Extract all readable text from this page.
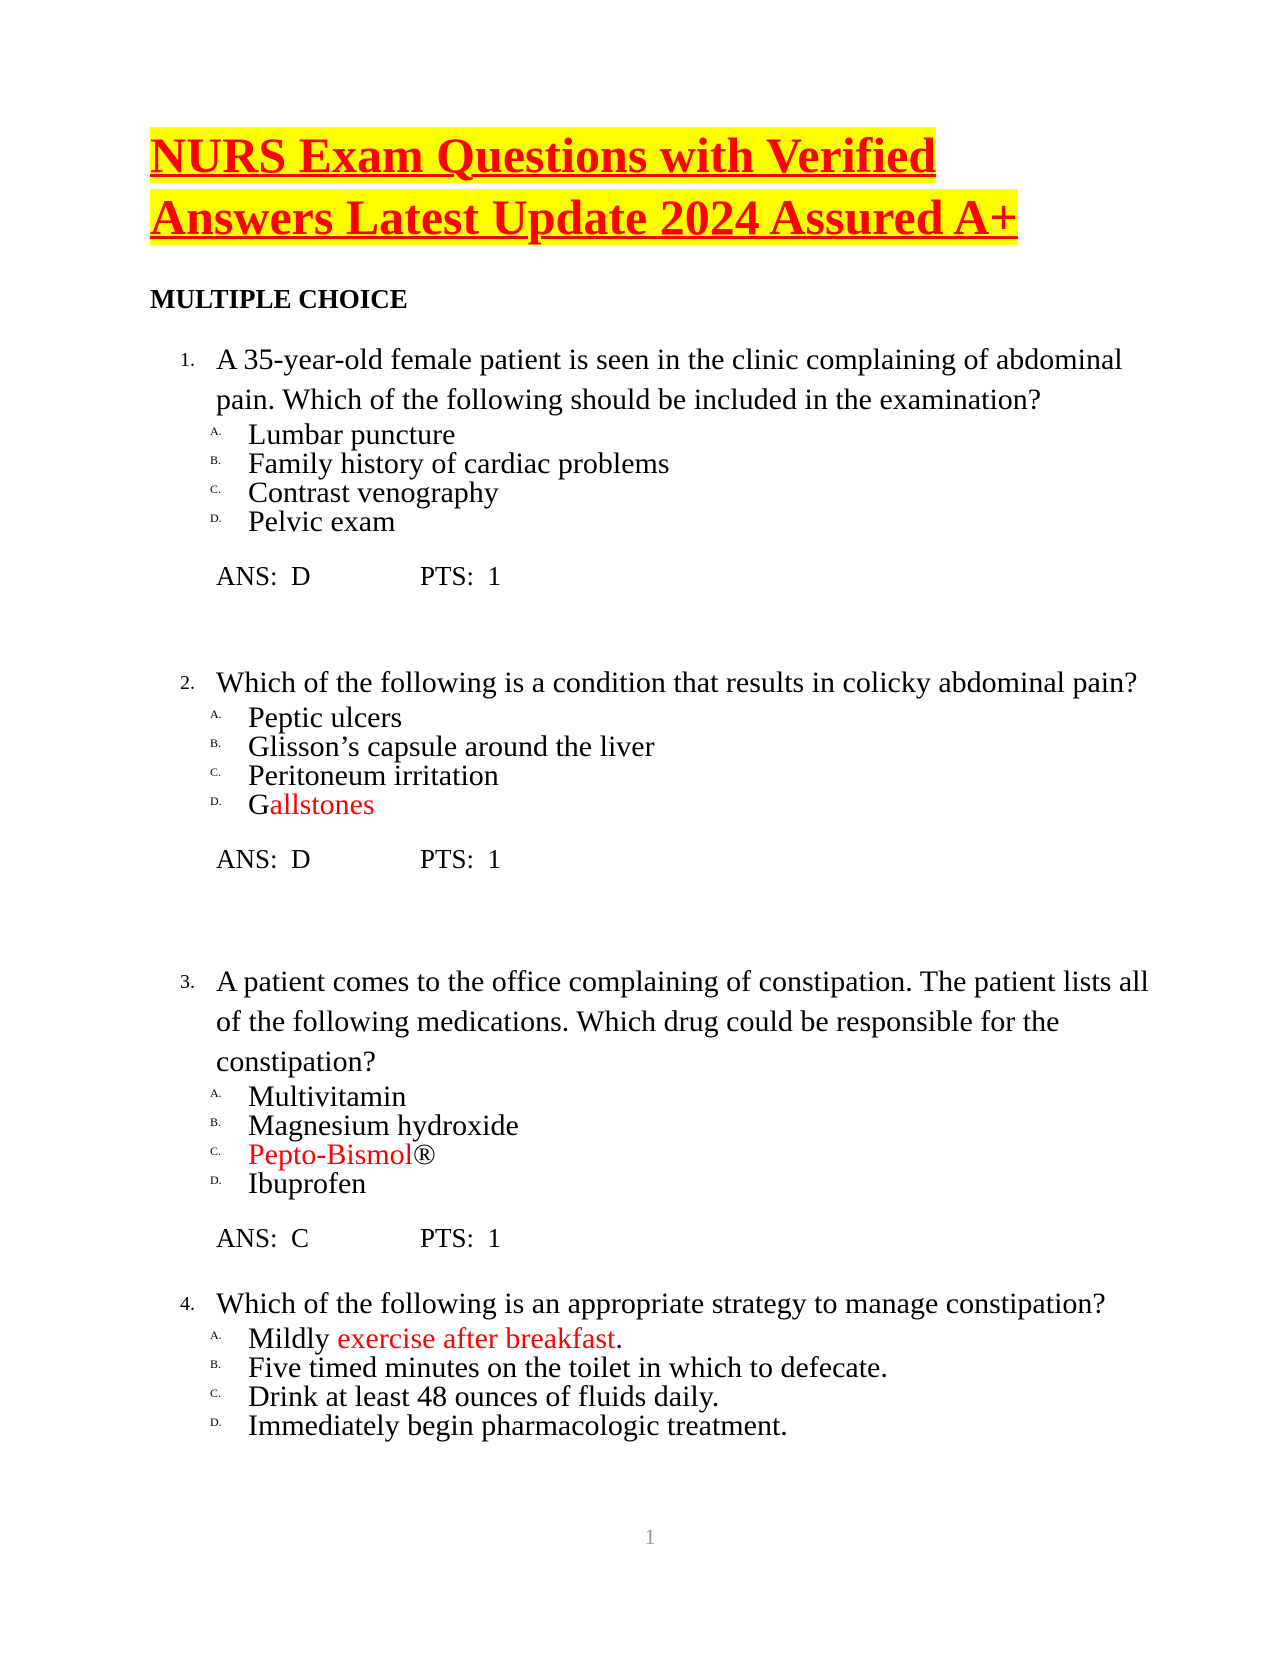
NURS Exam Questions with Verified
Answers Latest Update 2024 Assured A+
MULTIPLE CHOICE
1. A 35-year-old female patient is seen in the clinic complaining of abdominal pain. Which of the following should be included in the examination?
A. Lumbar puncture
B. Family history of cardiac problems
C. Contrast venography
D. Pelvic exam
ANS:  D	PTS:  1
2. Which of the following is a condition that results in colicky abdominal pain?
A. Peptic ulcers
B. Glisson’s capsule around the liver
C. Peritoneum irritation
D. Gallstones
ANS:  D	PTS:  1
3. A patient comes to the office complaining of constipation. The patient lists all of the following medications. Which drug could be responsible for the constipation?
A. Multivitamin
B. Magnesium hydroxide
C. Pepto-Bismol®
D. Ibuprofen
ANS:  C	PTS:  1
4. Which of the following is an appropriate strategy to manage constipation?
A. Mildly exercise after breakfast.
B. Five timed minutes on the toilet in which to defecate.
C. Drink at least 48 ounces of fluids daily.
D. Immediately begin pharmacologic treatment.
1
